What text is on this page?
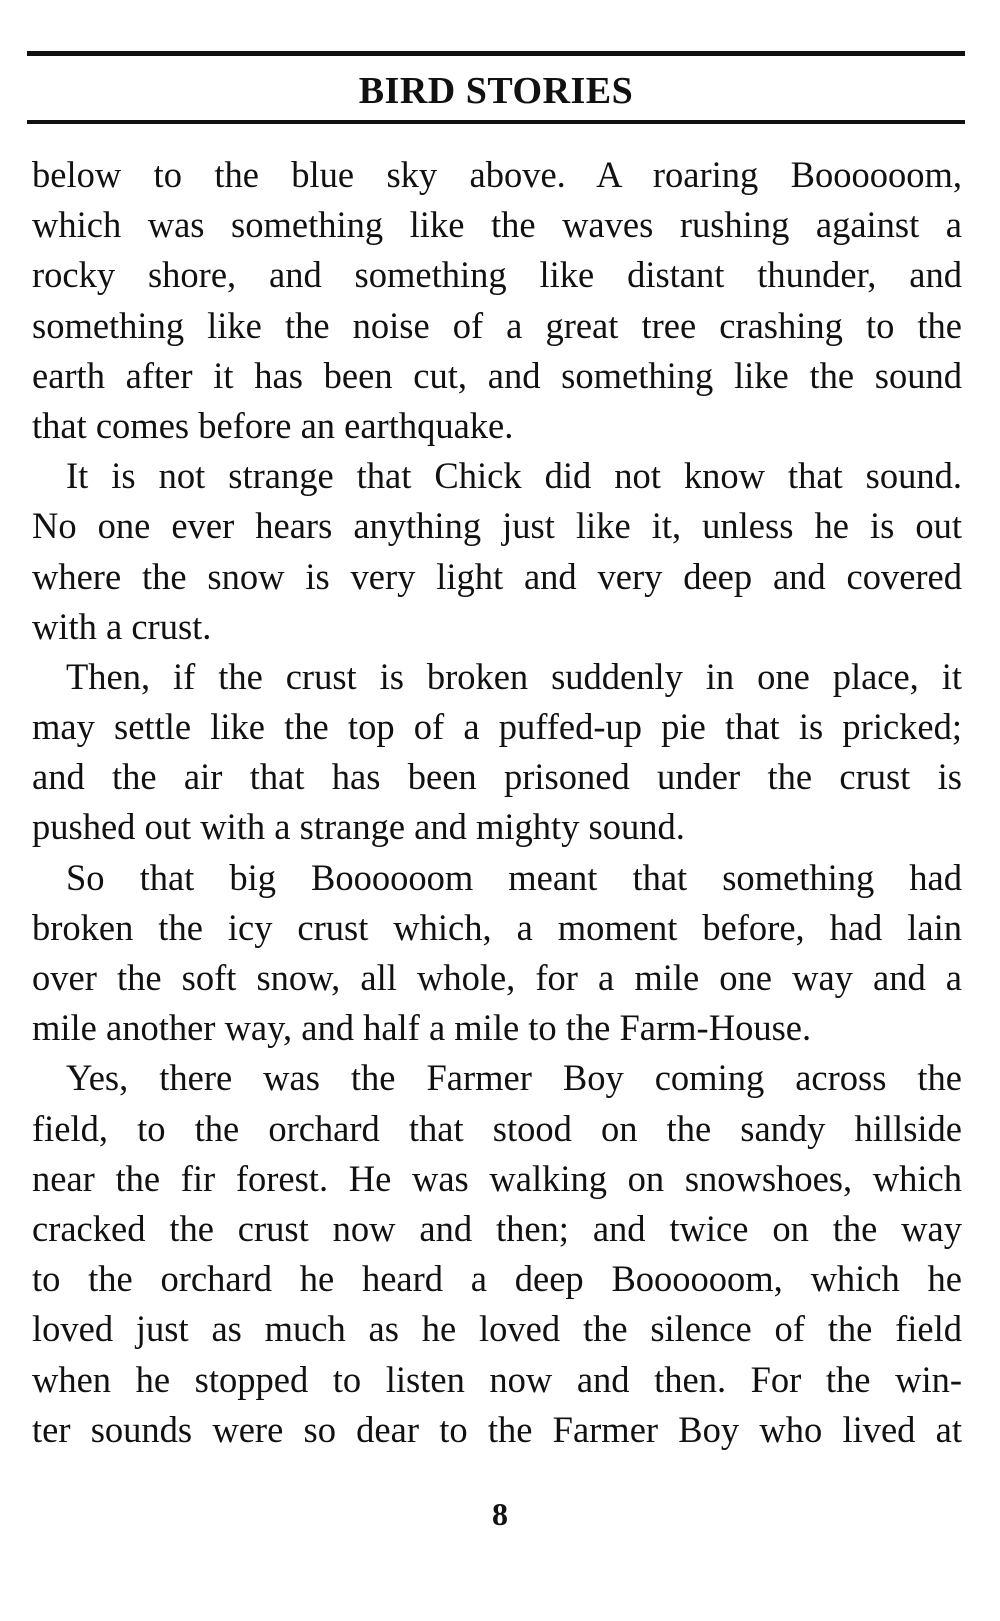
BIRD STORIES
below to the blue sky above. A roaring Boooooom,
which was something like the waves rushing against a
rocky shore, and something like distant thunder, and
something like the noise of a great tree crashing to the
earth after it has been cut, and something like the sound
that comes before an earthquake.
It is not strange that Chick did not know that sound.
No one ever hears anything just like it, unless he is out
where the snow is very light and very deep and covered
with a crust.
Then, if the crust is broken suddenly in one place, it
may settle like the top of a puffed-up pie that is pricked;
and the air that has been prisoned under the crust is
pushed out with a strange and mighty sound.
So that big Boooooom meant that something had
broken the icy crust which, a moment before, had lain
over the soft snow, all whole, for a mile one way and a
mile another way, and half a mile to the Farm-House.
Yes, there was the Farmer Boy coming across the
field, to the orchard that stood on the sandy hillside
near the fir forest. He was walking on snowshoes, which
cracked the crust now and then; and twice on the way
to the orchard he heard a deep Boooooom, which he
loved just as much as he loved the silence of the field
when he stopped to listen now and then. For the win-
ter sounds were so dear to the Farmer Boy who lived at
8
